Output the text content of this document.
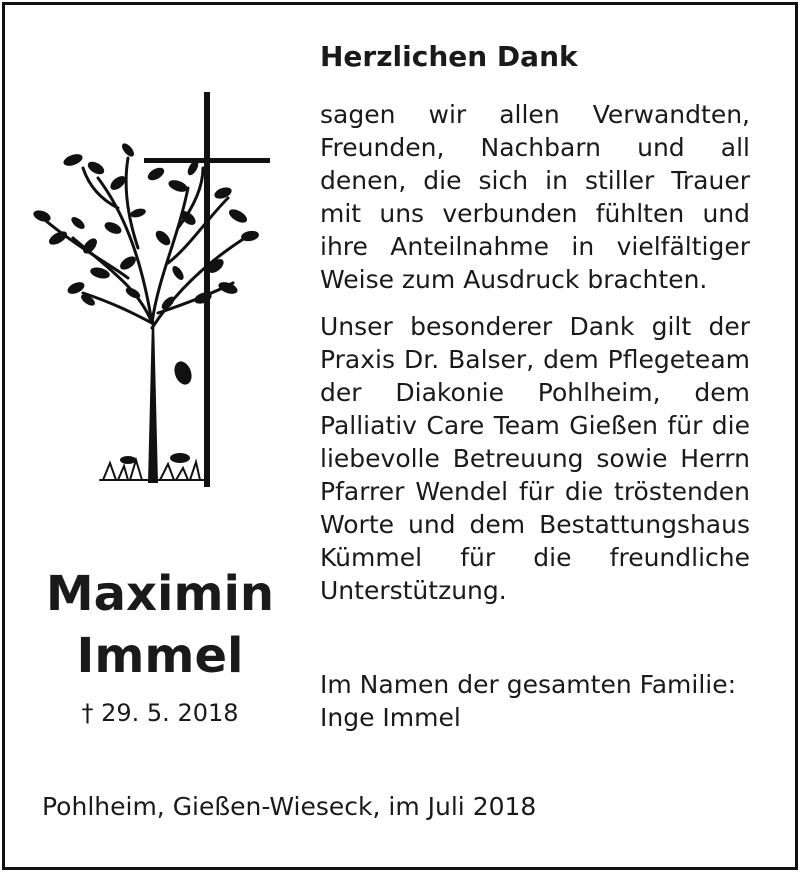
Maximin
Immel
† 29. 5. 2018
Herzlichen Dank

sagen wir allen Verwandten, Freunden, Nachbarn und all denen, die sich in stiller Trauer mit uns verbunden fühlten und ihre Anteilnahme in vielfältiger Weise zum Ausdruck brachten.

Unser besonderer Dank gilt der Praxis Dr. Balser, dem Pflegeteam der Diakonie Pohlheim, dem Palliativ Care Team Gießen für die liebevolle Betreuung sowie Herrn Pfarrer Wendel für die tröstenden Worte und dem Bestattungshaus Kümmel für die freundliche Unterstützung.

Im Namen der gesamten Familie:
Inge Immel
Pohlheim, Gießen-Wieseck, im Juli 2018
